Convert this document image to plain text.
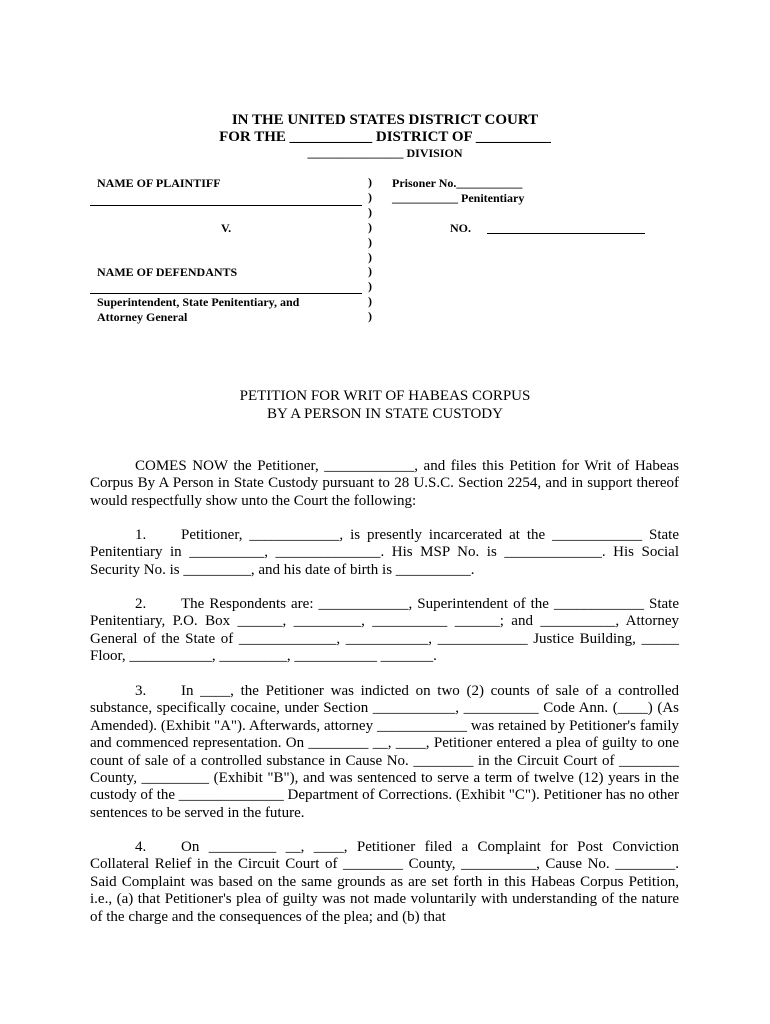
IN THE UNITED STATES DISTRICT COURT
FOR THE ___________ DISTRICT OF __________
________________ DIVISION
NAME OF PLAINTIFF
V.
NAME OF DEFENDANTS
Superintendent, State Penitentiary, and
Attorney General
)
)
)
)
)
)
)
)
)
)
Prisoner No.___________
___________ Penitentiary
NO.
PETITION FOR WRIT OF HABEAS CORPUS
BY A PERSON IN STATE CUSTODY

COMES NOW the Petitioner, ____________, and files this Petition for Writ of Habeas Corpus By A Person in State Custody pursuant to 28 U.S.C. Section 2254, and in support thereof would respectfully show unto the Court the following:

1. Petitioner, ____________, is presently incarcerated at the ____________ State Penitentiary in __________, ______________. His MSP No. is _____________. His Social Security No. is _________, and his date of birth is __________.

2. The Respondents are: ____________, Superintendent of the ____________ State Penitentiary, P.O. Box ______, _________, __________ ______; and __________, Attorney General of the State of _____________, ___________, ____________ Justice Building, _____ Floor, ___________, _________, ___________ _______.

3. In ____, the Petitioner was indicted on two (2) counts of sale of a controlled substance, specifically cocaine, under Section ___________, __________ Code Ann. (____) (As Amended). (Exhibit "A"). Afterwards, attorney ____________ was retained by Petitioner's family and commenced representation. On ________ __, ____, Petitioner entered a plea of guilty to one count of sale of a controlled substance in Cause No. ________ in the Circuit Court of ________ County, _________ (Exhibit "B"), and was sentenced to serve a term of twelve (12) years in the custody of the ______________ Department of Corrections. (Exhibit "C"). Petitioner has no other sentences to be served in the future.

4. On _________ __, ____, Petitioner filed a Complaint for Post Conviction Collateral Relief in the Circuit Court of ________ County, __________, Cause No. ________. Said Complaint was based on the same grounds as are set forth in this Habeas Corpus Petition, i.e., (a) that Petitioner's plea of guilty was not made voluntarily with understanding of the nature of the charge and the consequences of the plea; and (b) that
